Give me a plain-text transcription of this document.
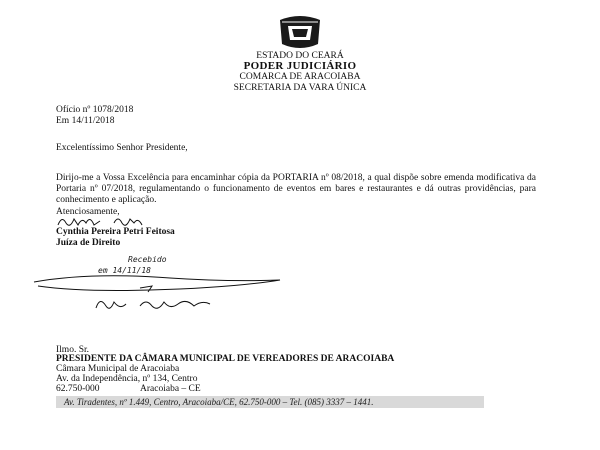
ESTADO DO CEARÁ
PODER JUDICIÁRIO
COMARCA DE ARACOIABA
SECRETARIA DA VARA ÚNICA
Ofício nº 1078/2018
Em 14/11/2018
Excelentíssimo Senhor Presidente,
Dirijo-me a Vossa Excelência para encaminhar cópia da PORTARIA nº 08/2018, a qual dispõe sobre emenda modificativa da Portaria nº 07/2018, regulamentando o funcionamento de eventos em bares e restaurantes e dá outras providências, para conhecimento e aplicação.
Atenciosamente,
Cynthia Pereira Petri Feitosa
Juíza de Direito
Recebido
em 14/11/18
Ilmo. Sr.
PRESIDENTE DA CÂMARA MUNICIPAL DE VEREADORES DE ARACOIABA
Câmara Municipal de Aracoiaba
Av. da Independência, nº 134, Centro
62.750-000	Aracoiaba – CE
Av. Tiradentes, nº 1.449, Centro, Aracoiaba/CE, 62.750-000 – Tel. (085) 3337 – 1441.
